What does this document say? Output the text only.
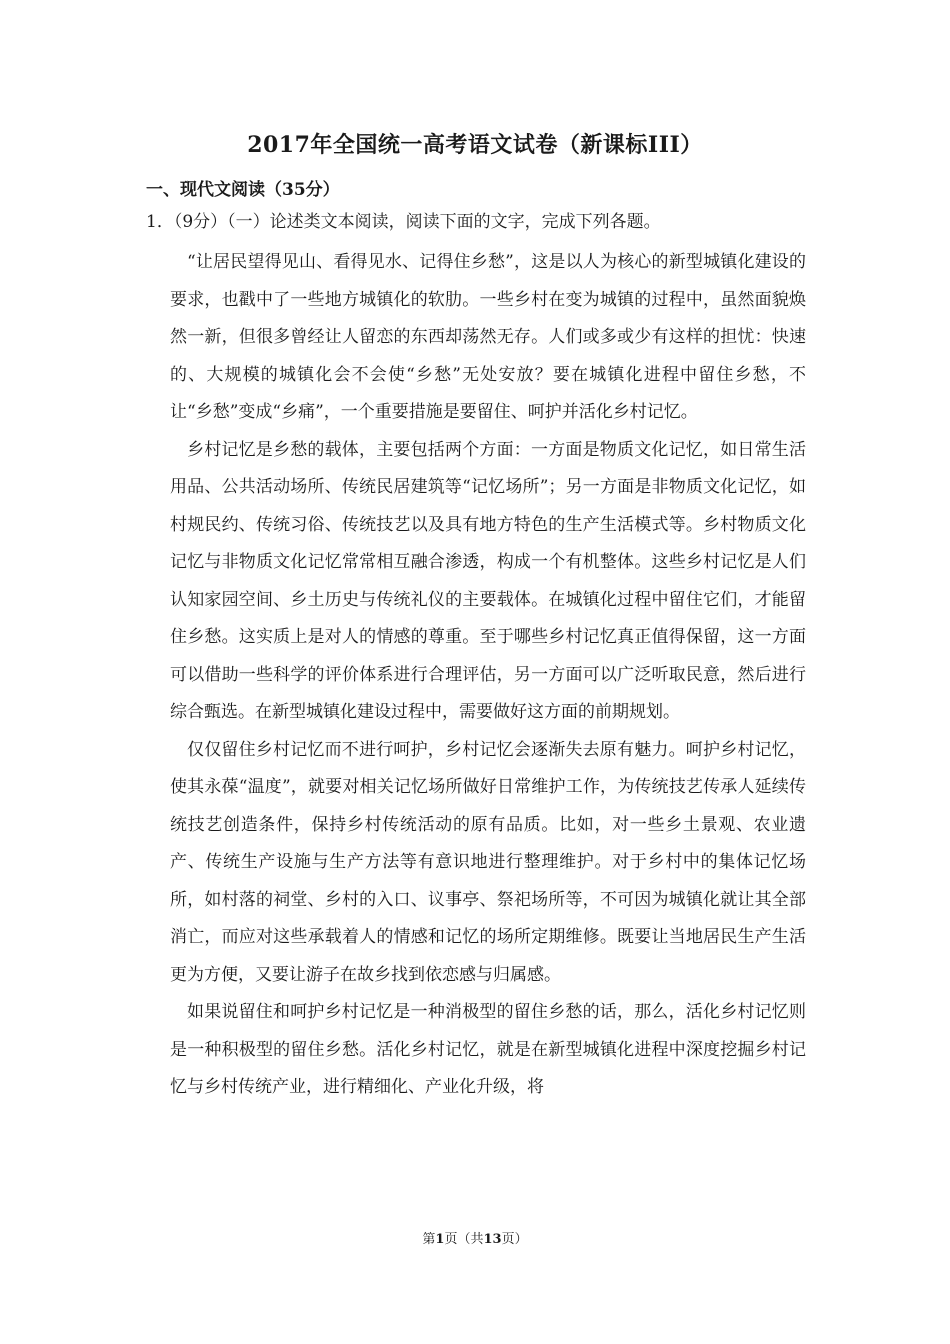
2017年全国统一高考语文试卷（新课标III）
一、现代文阅读（35分）
1．（9分）（一）论述类文本阅读，阅读下面的文字，完成下列各题。

“让居民望得见山、看得见水、记得住乡愁”，这是以人为核心的新型城镇化建设的要求，也戳中了一些地方城镇化的软肋。一些乡村在变为城镇的过程中，虽然面貌焕然一新，但很多曾经让人留恋的东西却荡然无存。人们或多或少有这样的担忧：快速的、大规模的城镇化会不会使“乡愁”无处安放？要在城镇化进程中留住乡愁，不让“乡愁”变成“乡痛”，一个重要措施是要留住、呵护并活化乡村记忆。

乡村记忆是乡愁的载体，主要包括两个方面：一方面是物质文化记忆，如日常生活用品、公共活动场所、传统民居建筑等“记忆场所”；另一方面是非物质文化记忆，如村规民约、传统习俗、传统技艺以及具有地方特色的生产生活模式等。乡村物质文化记忆与非物质文化记忆常常相互融合渗透，构成一个有机整体。这些乡村记忆是人们认知家园空间、乡土历史与传统礼仪的主要载体。在城镇化过程中留住它们，才能留住乡愁。这实质上是对人的情感的尊重。至于哪些乡村记忆真正值得保留，这一方面可以借助一些科学的评价体系进行合理评估，另一方面可以广泛听取民意，然后进行综合甄选。在新型城镇化建设过程中，需要做好这方面的前期规划。

仅仅留住乡村记忆而不进行呵护，乡村记忆会逐渐失去原有魅力。呵护乡村记忆，使其永葆“温度”，就要对相关记忆场所做好日常维护工作，为传统技艺传承人延续传统技艺创造条件，保持乡村传统活动的原有品质。比如，对一些乡土景观、农业遗产、传统生产设施与生产方法等有意识地进行整理维护。对于乡村中的集体记忆场所，如村落的祠堂、乡村的入口、议事亭、祭祀场所等，不可因为城镇化就让其全部消亡，而应对这些承载着人的情感和记忆的场所定期维修。既要让当地居民生产生活更为方便，又要让游子在故乡找到依恋感与归属感。

如果说留住和呵护乡村记忆是一种消极型的留住乡愁的话，那么，活化乡村记忆则是一种积极型的留住乡愁。活化乡村记忆，就是在新型城镇化进程中深度挖掘乡村记忆与乡村传统产业，进行精细化、产业化升级，将

第1页（共13页）
